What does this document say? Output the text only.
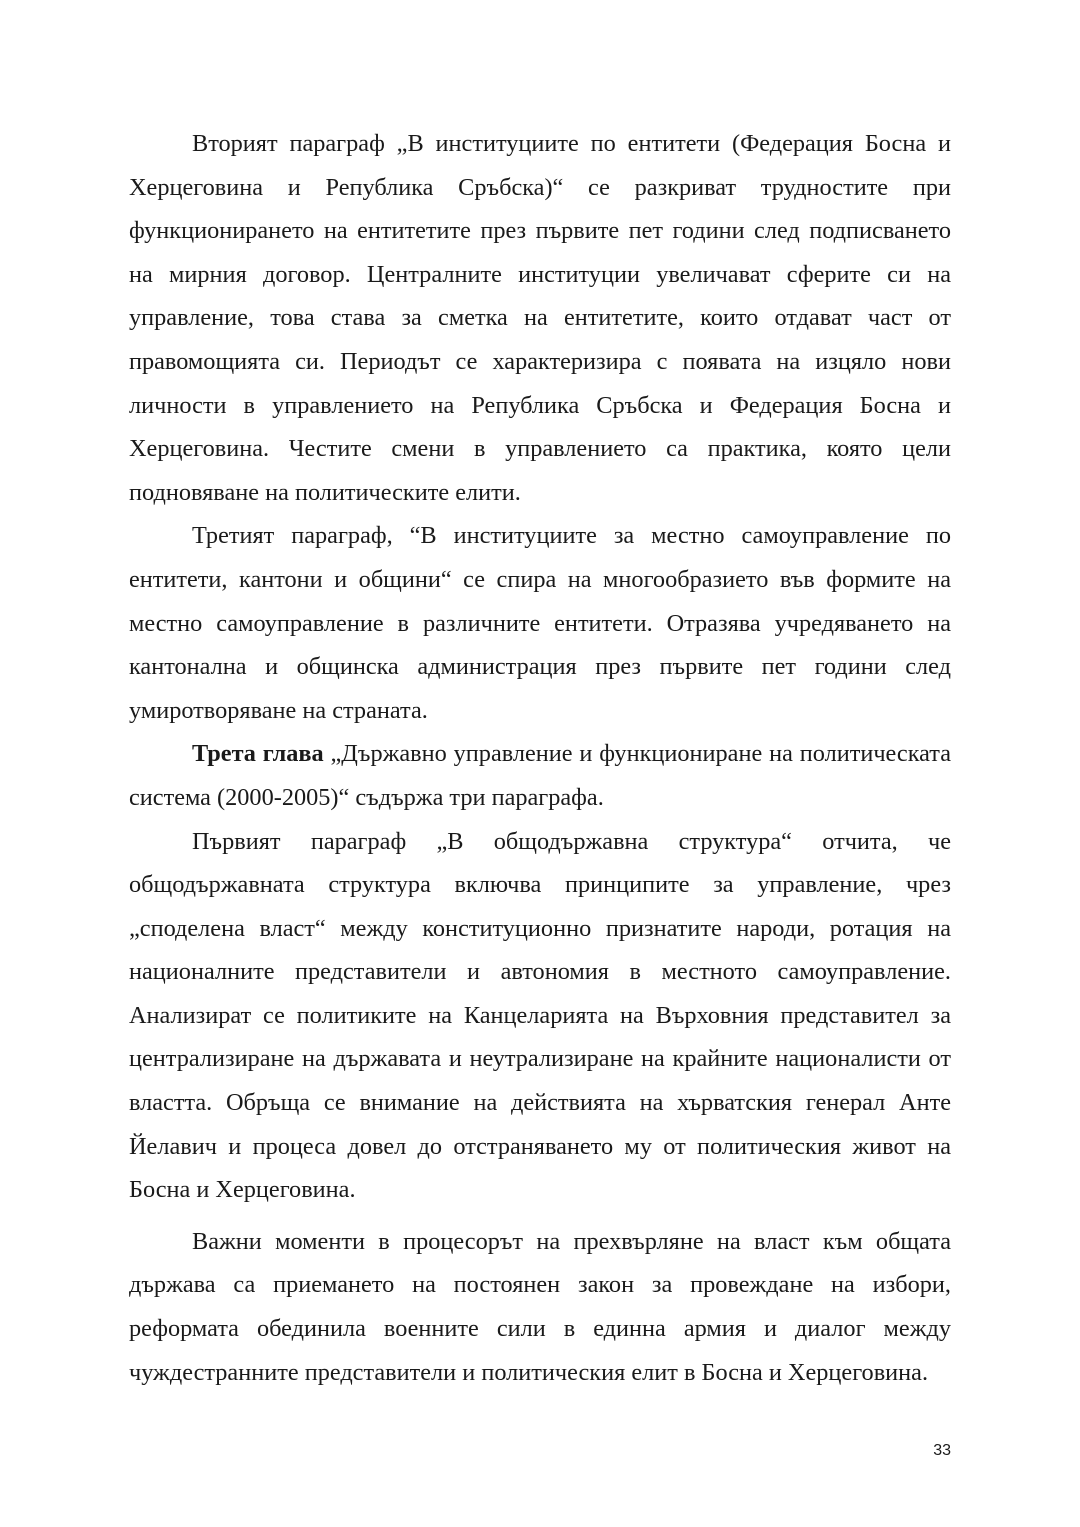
Вторият параграф „В институциите по ентитети (Федерация Босна и Херцеговина и Република Сръбска)“ се разкриват трудностите при функционирането на ентитетите през първите пет години след подписването на мирния договор. Централните институции увеличават сферите си на управление, това става за сметка на ентитетите, които отдават част от правомощията си. Периодът се характеризира с появата на изцяло нови личности в управлението на Република Сръбска и Федерация Босна и Херцеговина. Честите смени в управлението са практика, която цели подновяване на политическите елити.

Третият параграф, “В институциите за местно самоуправление по ентитети, кантони и общини“ се спира на многообразието във формите на местно самоуправление в различните ентитети. Отразява учредяването на кантонална и общинска администрация през първите пет години след умиротворяване на страната.

Трета глава „Държавно управление и функциониране на политическата система (2000-2005)“ съдържа три параграфа.

Първият параграф „В общодържавна структура“ отчита, че общодържавната структура включва принципите за управление, чрез „споделена власт“ между конституционно признатите народи, ротация на националните представители и автономия в местното самоуправление. Анализират се политиките на Канцеларията на Върховния представител за централизиране на държавата и неутрализиране на крайните националисти от властта. Обръща се внимание на действията на хърватския генерал Анте Йелавич и процеса довел до отстраняването му от политическия живот на Босна и Херцеговина.

Важни моменти в процесорът на прехвърляне на власт към общата държава са приемането на постоянен закон за провеждане на избори, реформата обединила военните сили в единна армия и диалог между чуждестранните представители и политическия елит в Босна и Херцеговина.

33
